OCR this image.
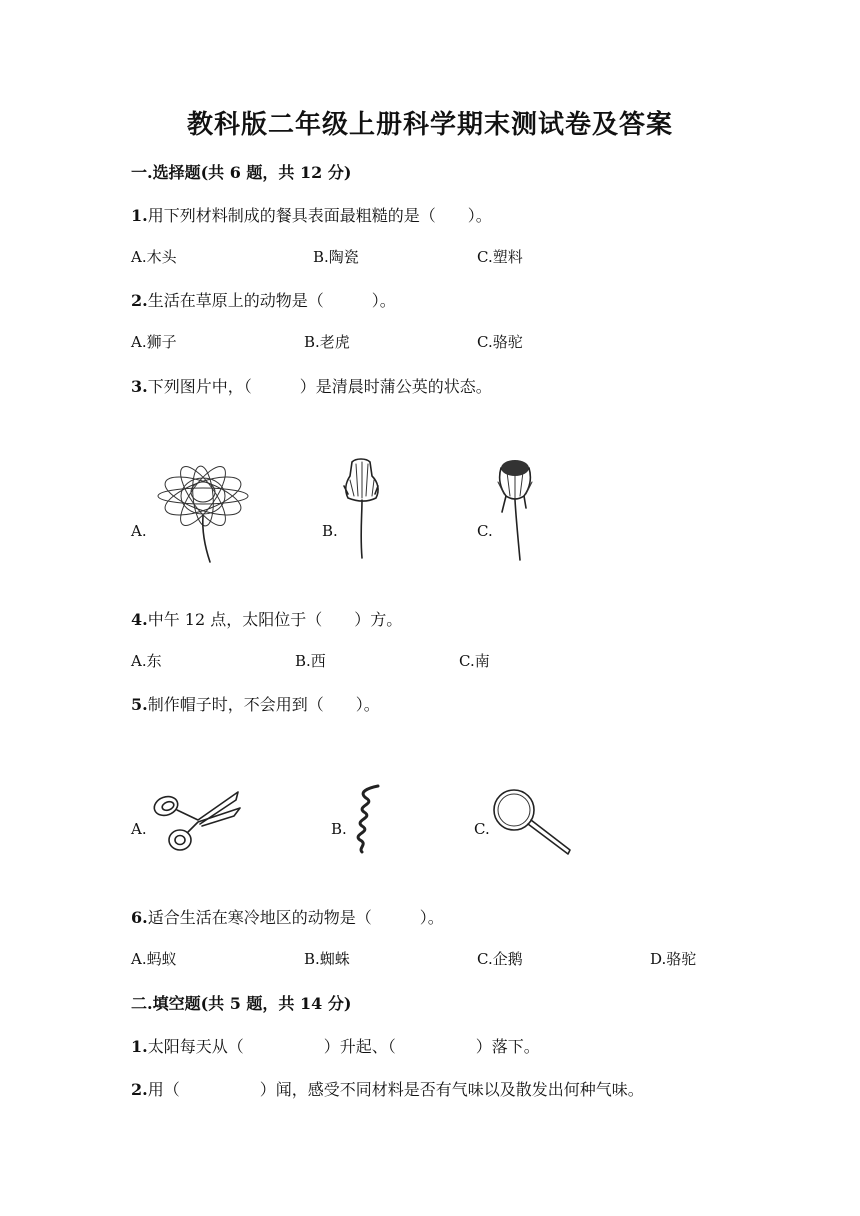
教科版二年级上册科学期末测试卷及答案
一.选择题(共 6 题，共 12 分)
1.用下列材料制成的餐具表面最粗糙的是（　　）。
A.木头	B.陶瓷	C.塑料
2.生活在草原上的动物是（　　　）。
A.狮子	B.老虎	C.骆驼
3.下列图片中，（　　　）是清晨时蒲公英的状态。
A.	B.	C.
4.中午 12 点，太阳位于（　　）方。
A.东	B.西	C.南
5.制作帽子时，不会用到（　　）。
A.	B.	C.
6.适合生活在寒冷地区的动物是（　　　）。
A.蚂蚁	B.蜘蛛	C.企鹅	D.骆驼
二.填空题(共 5 题，共 14 分)
1.太阳每天从（　　　　　）升起、（　　　　　）落下。
2.用（　　　　　）闻，感受不同材料是否有气味以及散发出何种气味。
